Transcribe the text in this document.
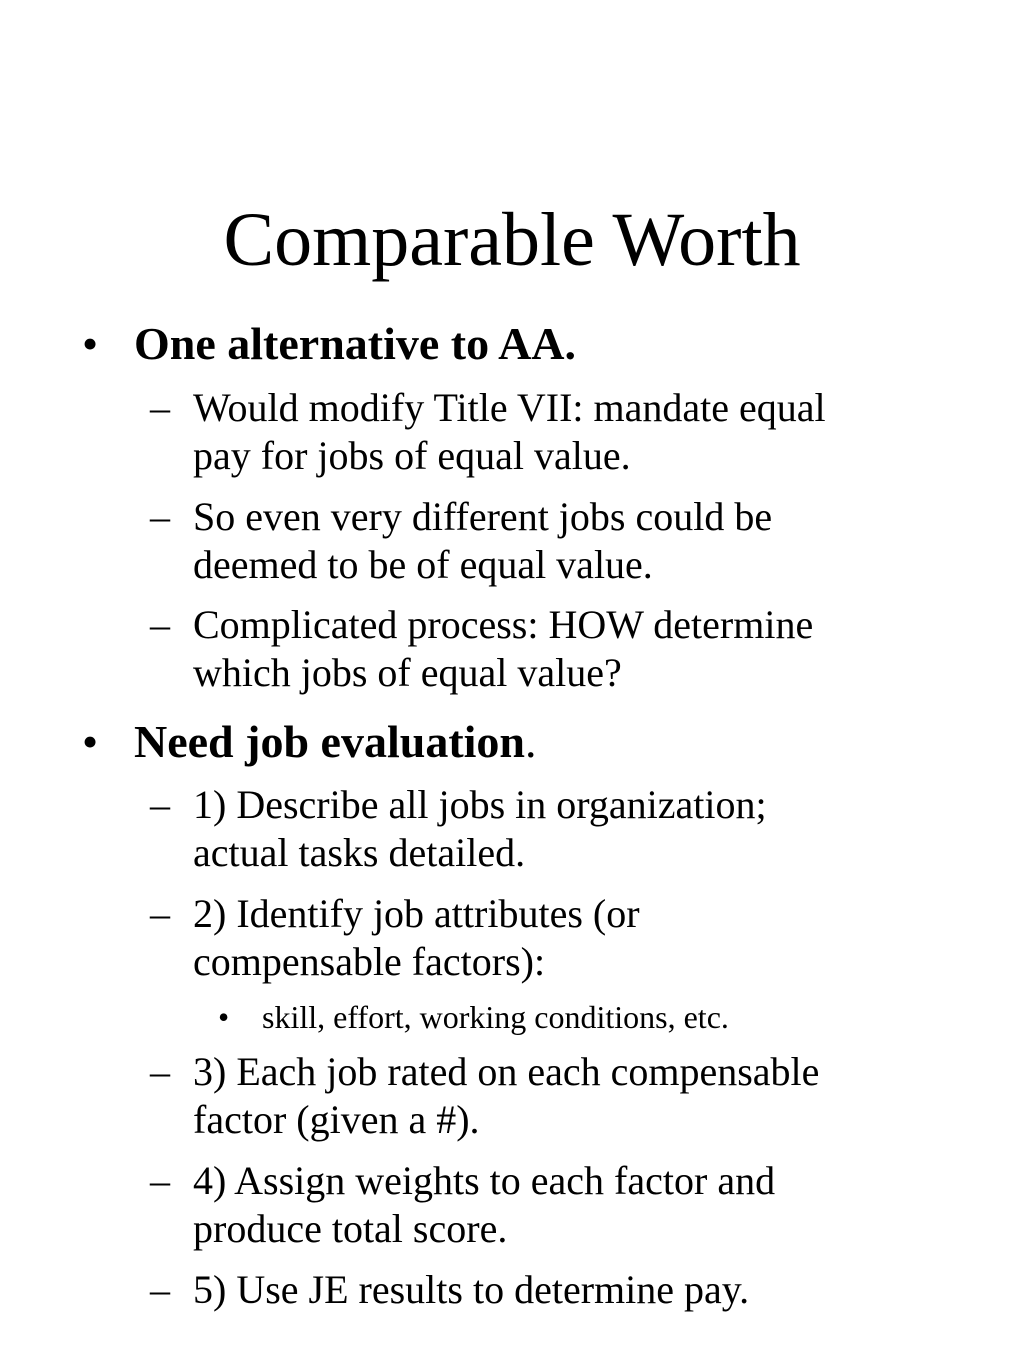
Comparable Worth
• One alternative to AA.
– Would modify Title VII: mandate equal
pay for jobs of equal value.
– So even very different jobs could be
deemed to be of equal value.
– Complicated process: HOW determine
which jobs of equal value?
• Need job evaluation.
– 1) Describe all jobs in organization;
actual tasks detailed.
– 2) Identify job attributes (or
compensable factors):
• skill, effort, working conditions, etc.
– 3) Each job rated on each compensable
factor (given a #).
– 4) Assign weights to each factor and
produce total score.
– 5) Use JE results to determine pay.
